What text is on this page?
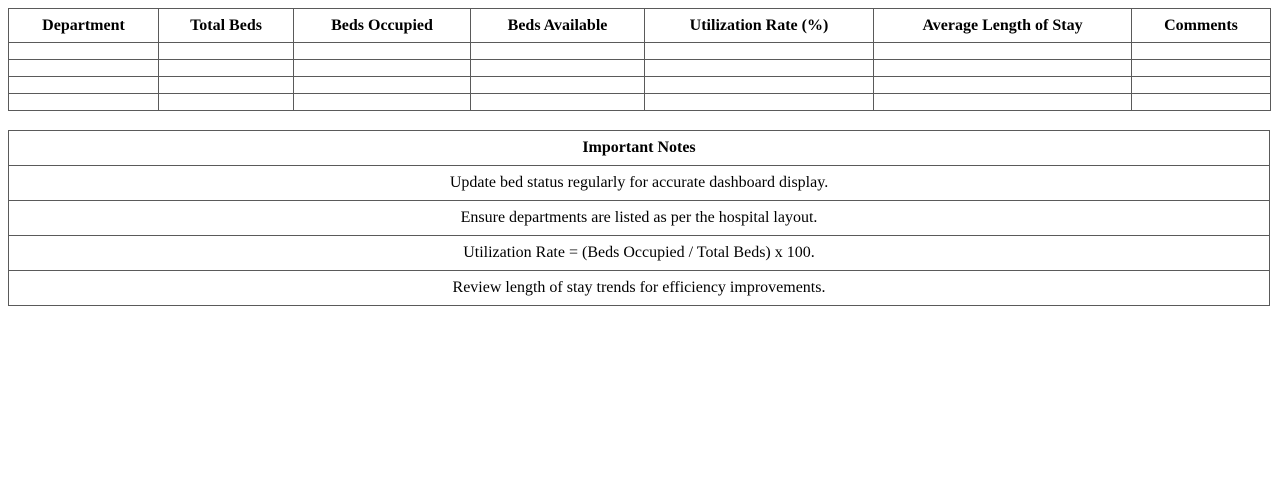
Department	Total Beds	Beds Occupied	Beds Available	Utilization Rate (%)	Average Length of Stay	Comments

Important Notes
Update bed status regularly for accurate dashboard display.
Ensure departments are listed as per the hospital layout.
Utilization Rate = (Beds Occupied / Total Beds) x 100.
Review length of stay trends for efficiency improvements.
